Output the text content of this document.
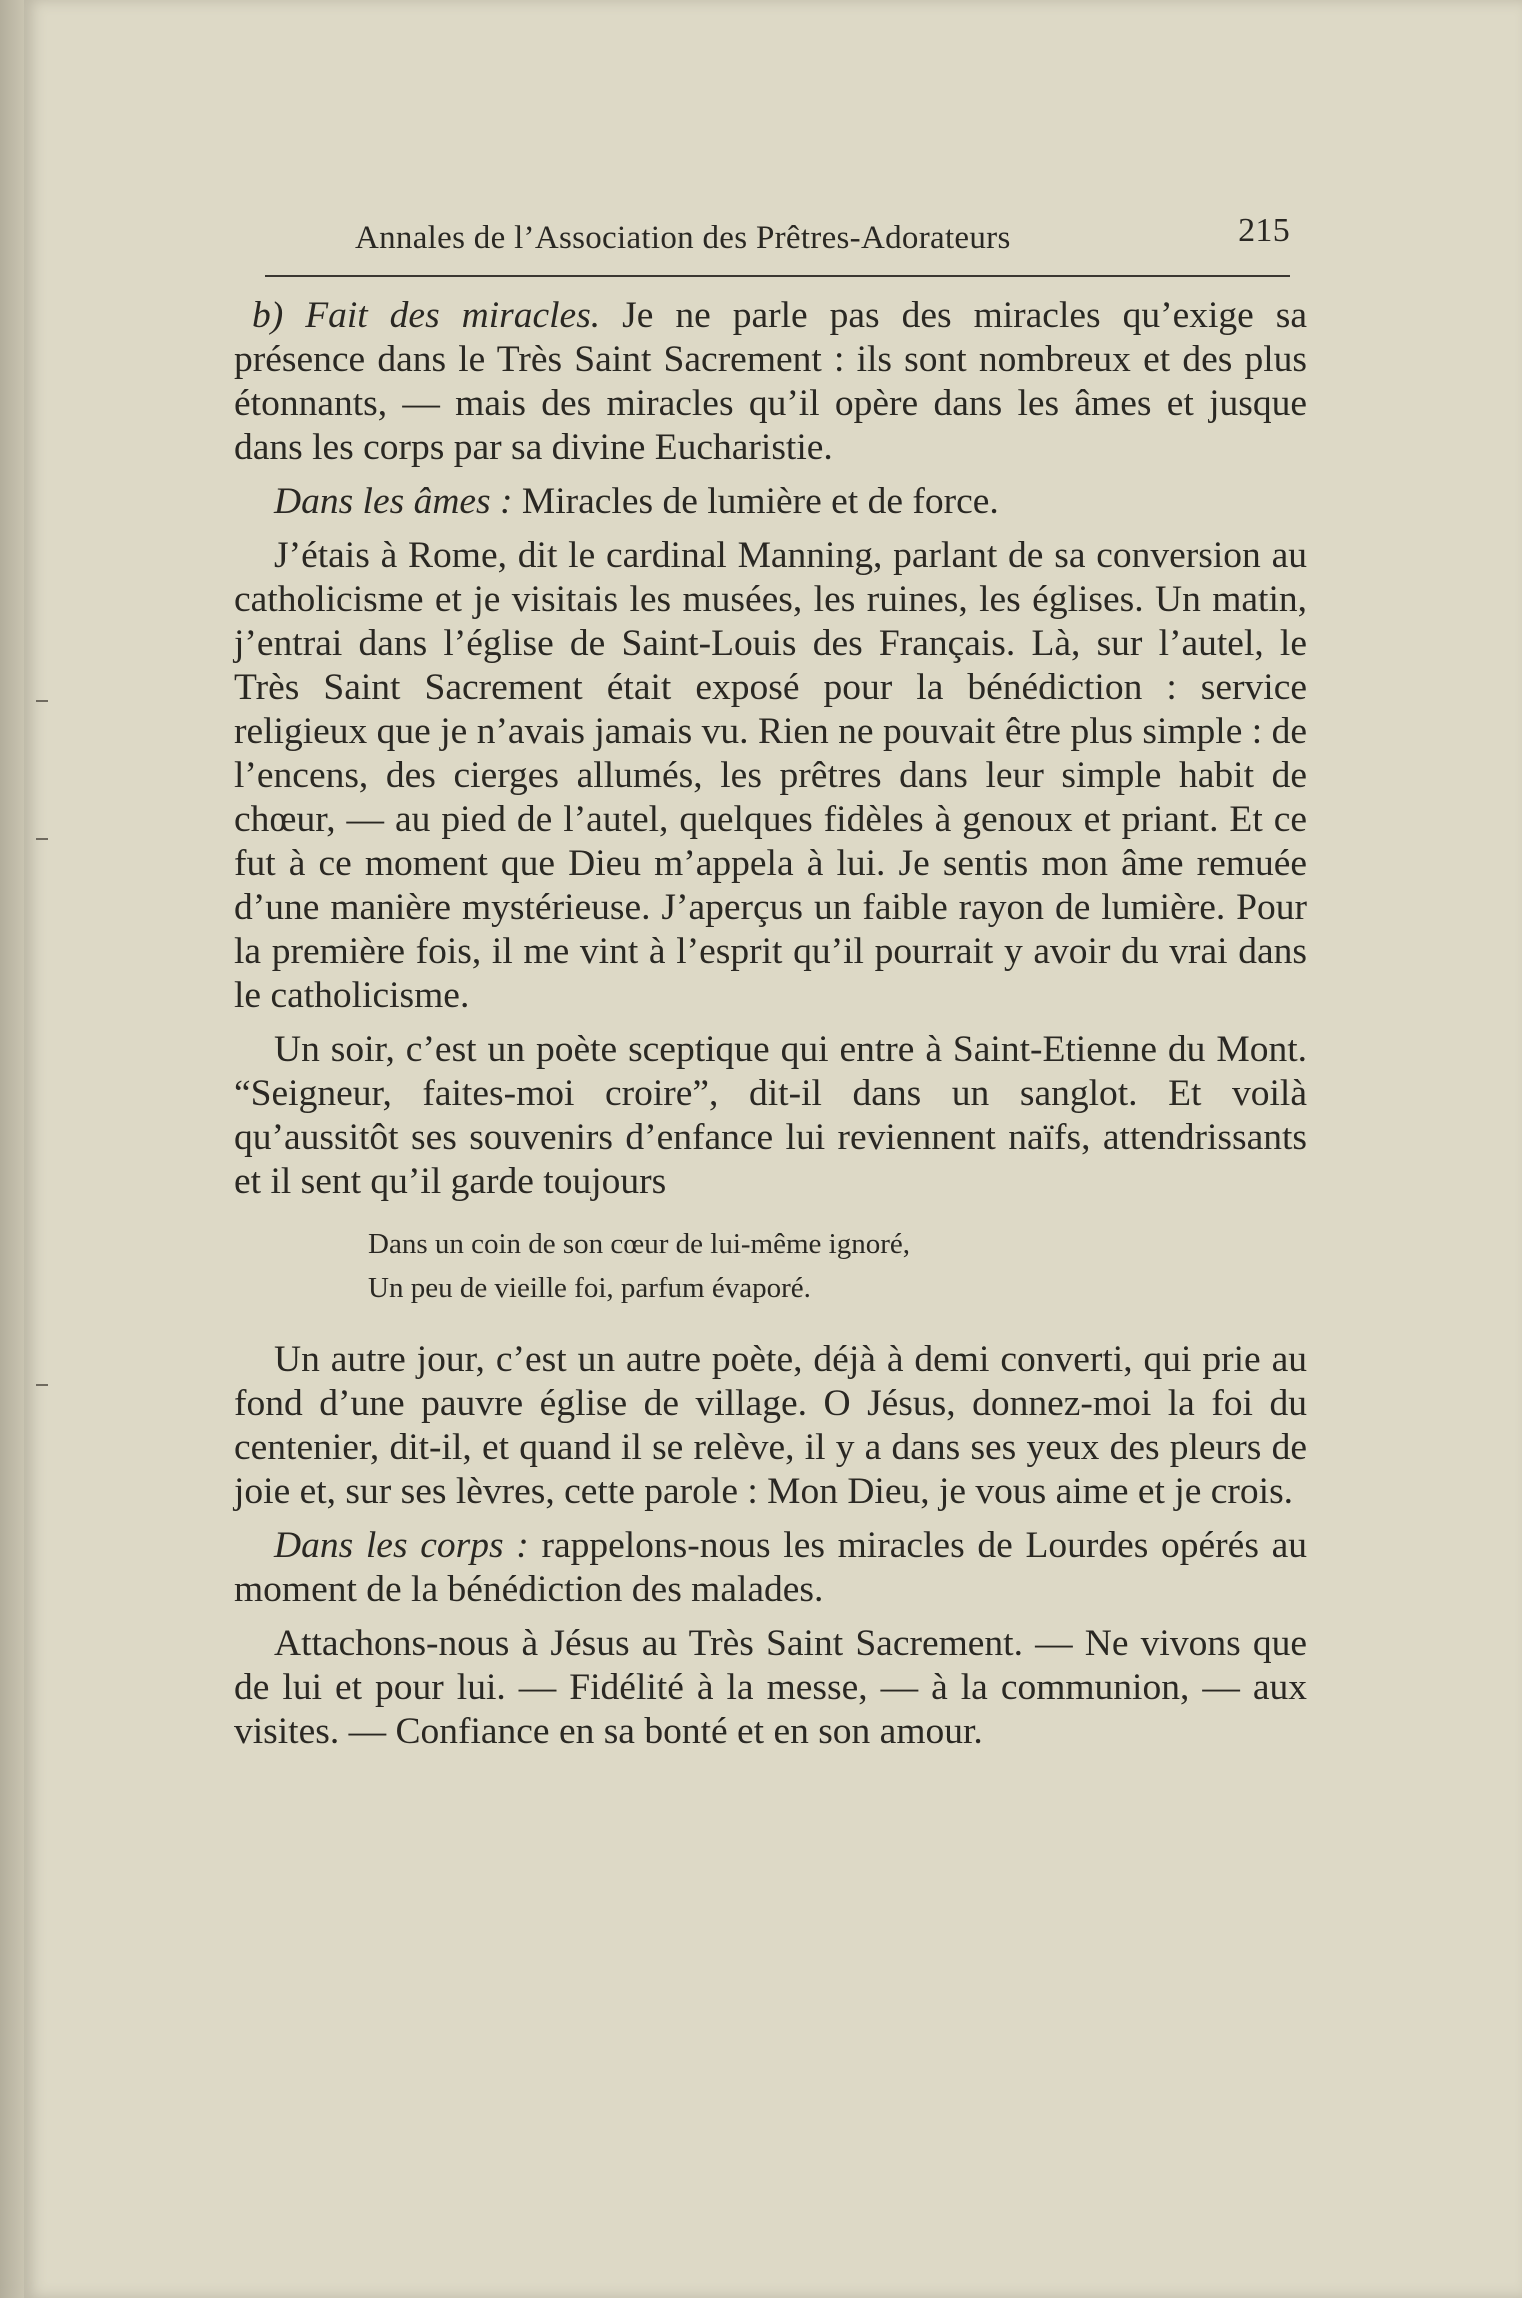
Annales de l’Association des Prêtres-Adorateurs	215

b) Fait des miracles. Je ne parle pas des miracles qu’exige sa présence dans le Très Saint Sacrement : ils sont nombreux et des plus étonnants, — mais des miracles qu’il opère dans les âmes et jusque dans les corps par sa divine Eucharistie.

Dans les âmes : Miracles de lumière et de force.

J’étais à Rome, dit le cardinal Manning, parlant de sa conversion au catholicisme et je visitais les musées, les ruines, les églises. Un matin, j’entrai dans l’église de Saint-Louis des Français. Là, sur l’autel, le Très Saint Sacrement était exposé pour la bénédiction : service religieux que je n’avais jamais vu. Rien ne pouvait être plus simple : de l’encens, des cierges allumés, les prêtres dans leur simple habit de chœur, — au pied de l’autel, quelques fidèles à genoux et priant. Et ce fut à ce moment que Dieu m’appela à lui. Je sentis mon âme remuée d’une manière mystérieuse. J’aperçus un faible rayon de lumière. Pour la première fois, il me vint à l’esprit qu’il pourrait y avoir du vrai dans le catholicisme.

Un soir, c’est un poète sceptique qui entre à Saint-Etienne du Mont. “Seigneur, faites-moi croire”, dit-il dans un sanglot. Et voilà qu’aussitôt ses souvenirs d’enfance lui reviennent naïfs, attendrissants et il sent qu’il garde toujours

Dans un coin de son cœur de lui-même ignoré,
Un peu de vieille foi, parfum évaporé.

Un autre jour, c’est un autre poète, déjà à demi converti, qui prie au fond d’une pauvre église de village. O Jésus, donnez-moi la foi du centenier, dit-il, et quand il se relève, il y a dans ses yeux des pleurs de joie et, sur ses lèvres, cette parole : Mon Dieu, je vous aime et je crois.

Dans les corps : rappelons-nous les miracles de Lourdes opérés au moment de la bénédiction des malades.

Attachons-nous à Jésus au Très Saint Sacrement. — Ne vivons que de lui et pour lui. — Fidélité à la messe, — à la communion, — aux visites. — Confiance en sa bonté et en son amour.
